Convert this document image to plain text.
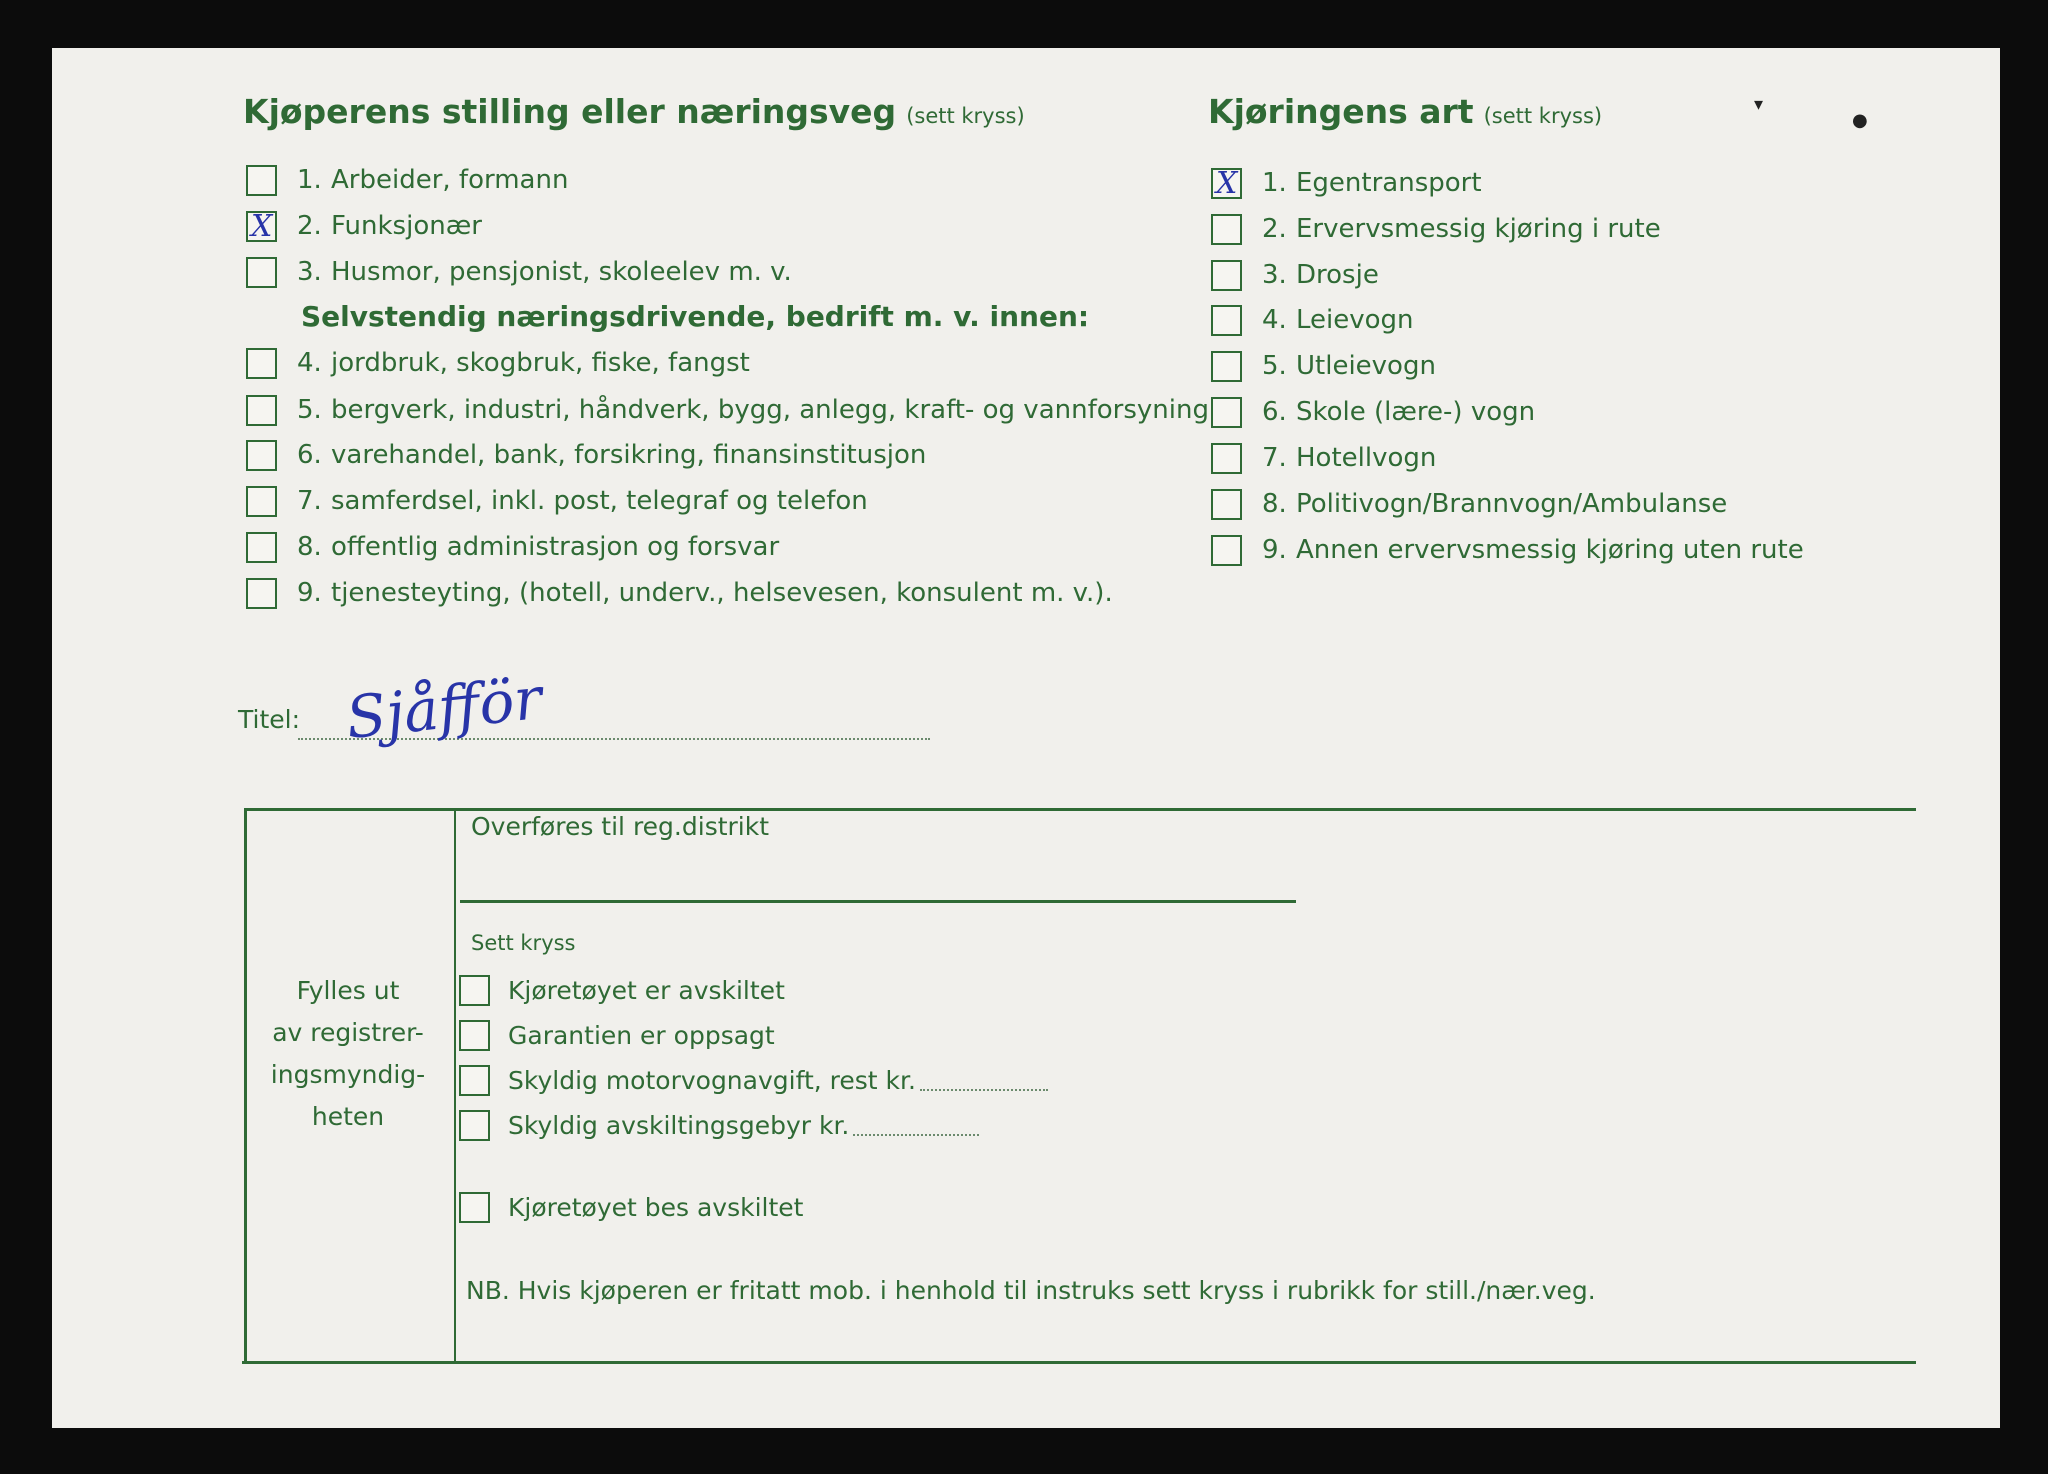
Kjøperens stilling eller næringsveg (sett kryss)	Kjøringens art (sett kryss)
1. Arbeider, formann
X 2. Funksjonær
3. Husmor, pensjonist, skoleelev m. v.
Selvstendig næringsdrivende, bedrift m. v. innen:
4. jordbruk, skogbruk, fiske, fangst
5. bergverk, industri, håndverk, bygg, anlegg, kraft- og vannforsyning
6. varehandel, bank, forsikring, finansinstitusjon
7. samferdsel, inkl. post, telegraf og telefon
8. offentlig administrasjon og forsvar
9. tjenesteyting, (hotell, underv., helsevesen, konsulent m. v.).
X 1. Egentransport
2. Ervervsmessig kjøring i rute
3. Drosje
4. Leievogn
5. Utleievogn
6. Skole (lære-) vogn
7. Hotellvogn
8. Politivogn/Brannvogn/Ambulanse
9. Annen ervervsmessig kjøring uten rute
Titel: Sjåfför
Fylles ut
av registrer-
ingsmyndig-
heten
Overføres til reg.distrikt
Sett kryss
Kjøretøyet er avskiltet
Garantien er oppsagt
Skyldig motorvognavgift, rest kr.
Skyldig avskiltingsgebyr kr.
Kjøretøyet bes avskiltet
NB. Hvis kjøperen er fritatt mob. i henhold til instruks sett kryss i rubrikk for still./nær.veg.
▾
●
